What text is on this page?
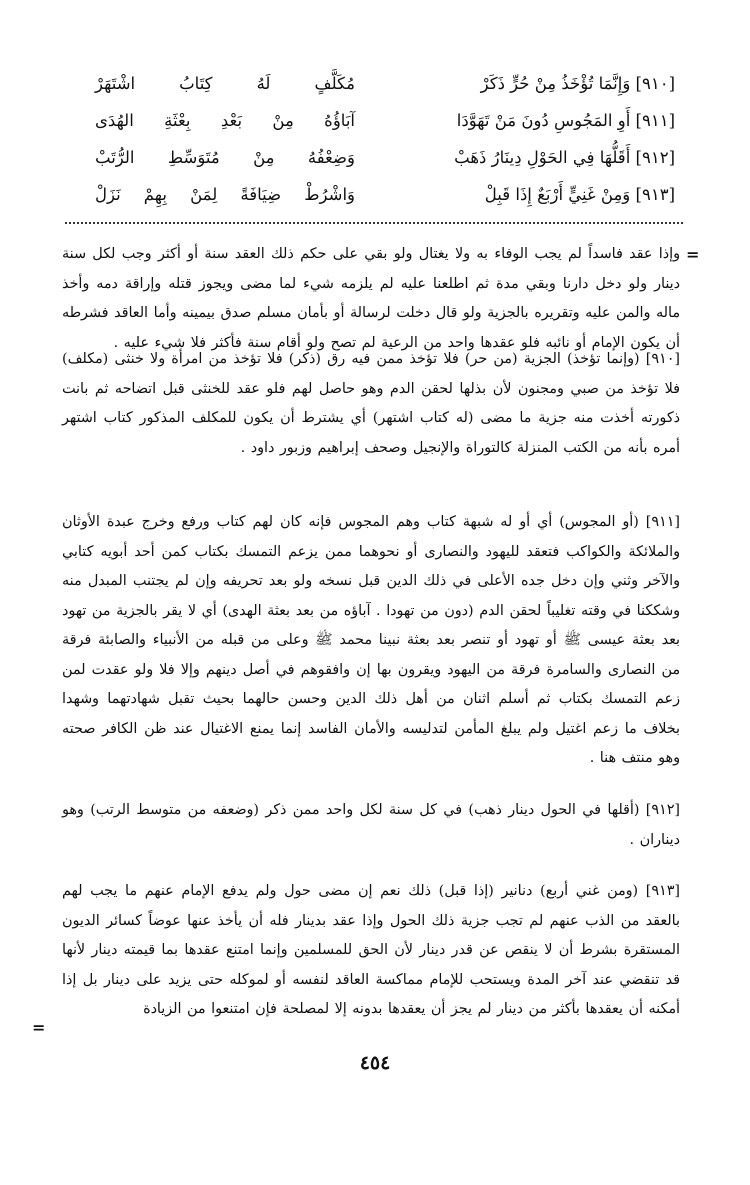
[٩١٠] وَإِنَّمَا تُؤْخَذُ مِنْ حُرٍّ ذَكَرْ
مُكَلَّفٍ لَهُ كِتَابُ اشْتَهَرْ
[٩١١] أَوِ المَجُوسِ دُونَ مَنْ تَهَوَّدَا
آبَاؤُهُ مِنْ بَعْدِ بِعْثَةِ الهُدَى
[٩١٢] أَقَلُّهَا فِي الحَوْلِ دِينَارُ ذَهَبْ
وَضِعْفُهُ مِنْ مُتَوَسِّطِ الرُّتَبْ
[٩١٣] وَمِنْ غَنِيٍّ أَرْبَعٌ إِذَا قَبِلْ
وَاشْرُطْ ضِيَافَةً لِمَنْ بِهِمْ نَزَلْ
=
وإذا عقد فاسداً لم يجب الوفاء به ولا يغتال ولو بقي على حكم ذلك العقد سنة أو أكثر وجب لكل سنة دينار ولو دخل دارنا وبقي مدة ثم اطلعنا عليه لم يلزمه شيء لما مضى ويجوز قتله وإراقة دمه وأخذ ماله والمن عليه وتقريره بالجزية ولو قال دخلت لرسالة أو بأمان مسلم صدق بيمينه وأما العاقد فشرطه أن يكون الإمام أو نائبه فلو عقدها واحد من الرعية لم تصح ولو أقام سنة فأكثر فلا شيء عليه .
[٩١٠] (وإنما تؤخذ) الجزية (من حر) فلا تؤخذ ممن فيه رق (ذكر) فلا تؤخذ من امرأة ولا خنثى (مكلف) فلا تؤخذ من صبي ومجنون لأن بذلها لحقن الدم وهو حاصل لهم فلو عقد للخنثى قبل اتضاحه ثم بانت ذكورته أخذت منه جزية ما مضى (له كتاب اشتهر) أي يشترط أن يكون للمكلف المذكور كتاب اشتهر أمره بأنه من الكتب المنزلة كالتوراة والإنجيل وصحف إبراهيم وزبور داود .
[٩١١] (أو المجوس) أي أو له شبهة كتاب وهم المجوس فإنه كان لهم كتاب ورفع وخرج عبدة الأوثان والملائكة والكواكب فتعقد لليهود والنصارى أو نحوهما ممن يزعم التمسك بكتاب كمن أحد أبويه كتابي والآخر وثني وإن دخل جده الأعلى في ذلك الدين قبل نسخه ولو بعد تحريفه وإن لم يجتنب المبدل منه وشككنا في وقته تغليباً لحقن الدم (دون من تهودا . آباؤه من بعد بعثة الهدى) أي لا يقر بالجزية من تهود بعد بعثة عيسى ﷺ أو تهود أو تنصر بعد بعثة نبينا محمد ﷺ وعلى من قبله من الأنبياء والصابئة فرقة من النصارى والسامرة فرقة من اليهود ويقرون بها إن وافقوهم في أصل دينهم وإلا فلا ولو عقدت لمن زعم التمسك بكتاب ثم أسلم اثنان من أهل ذلك الدين وحسن حالهما بحيث تقبل شهادتهما وشهدا بخلاف ما زعم اغتيل ولم يبلغ المأمن لتدليسه والأمان الفاسد إنما يمنع الاغتيال عند ظن الكافر صحته وهو منتف هنا .
[٩١٢] (أقلها في الحول دينار ذهب) في كل سنة لكل واحد ممن ذكر (وضعفه من متوسط الرتب) وهو ديناران .
[٩١٣] (ومن غني أربع) دنانير (إذا قبل) ذلك نعم إن مضى حول ولم يدفع الإمام عنهم ما يجب لهم بالعقد من الذب عنهم لم تجب جزية ذلك الحول وإذا عقد بدينار فله أن يأخذ عنها عوضاً كسائر الديون المستقرة بشرط أن لا ينقص عن قدر دينار لأن الحق للمسلمين وإنما امتنع عقدها بما قيمته دينار لأنها قد تنقضي عند آخر المدة ويستحب للإمام مماكسة العاقد لنفسه أو لموكله حتى يزيد على دينار بل إذا أمكنه أن يعقدها بأكثر من دينار لم يجز أن يعقدها بدونه إلا لمصلحة فإن امتنعوا من الزيادة
=
٤٥٤
